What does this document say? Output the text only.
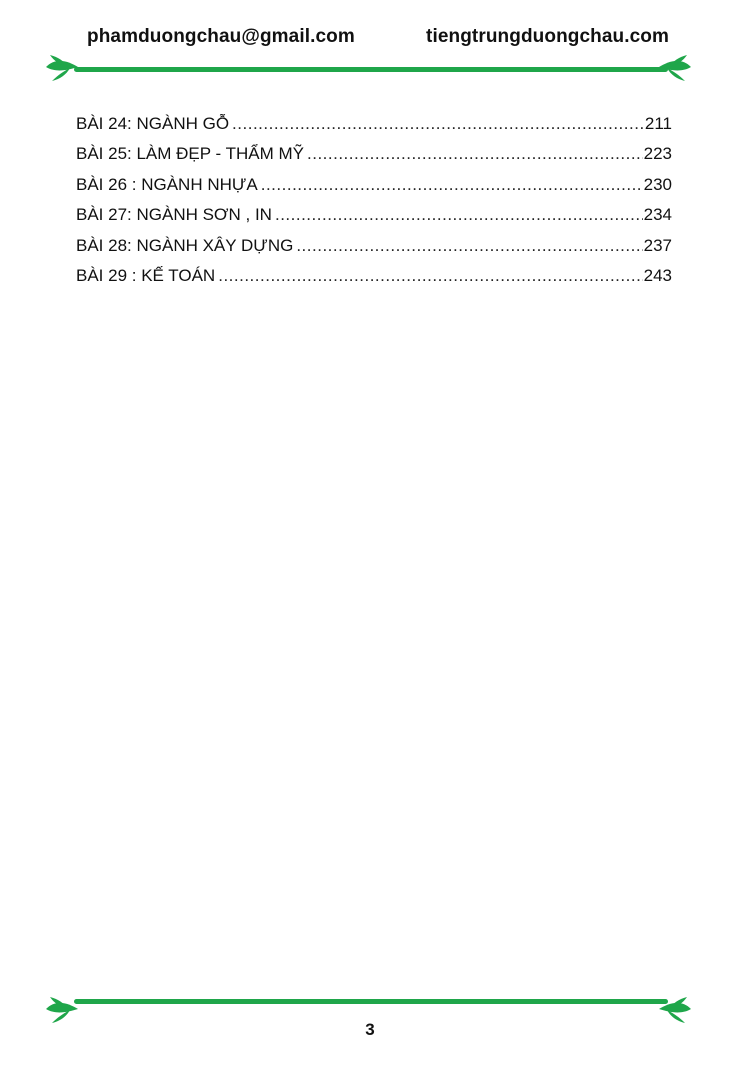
phamduongchau@gmail.com	tiengtrungduongchau.com
BÀI 24: NGÀNH GỖ .....	211
BÀI 25: LÀM ĐẸP - THẨM MỸ .....	223
BÀI 26 : NGÀNH NHỰA .....	230
BÀI 27: NGÀNH SƠN , IN .....	234
BÀI 28: NGÀNH XÂY DỰNG .....	237
BÀI 29 : KẾ TOÁN .....	243
3
